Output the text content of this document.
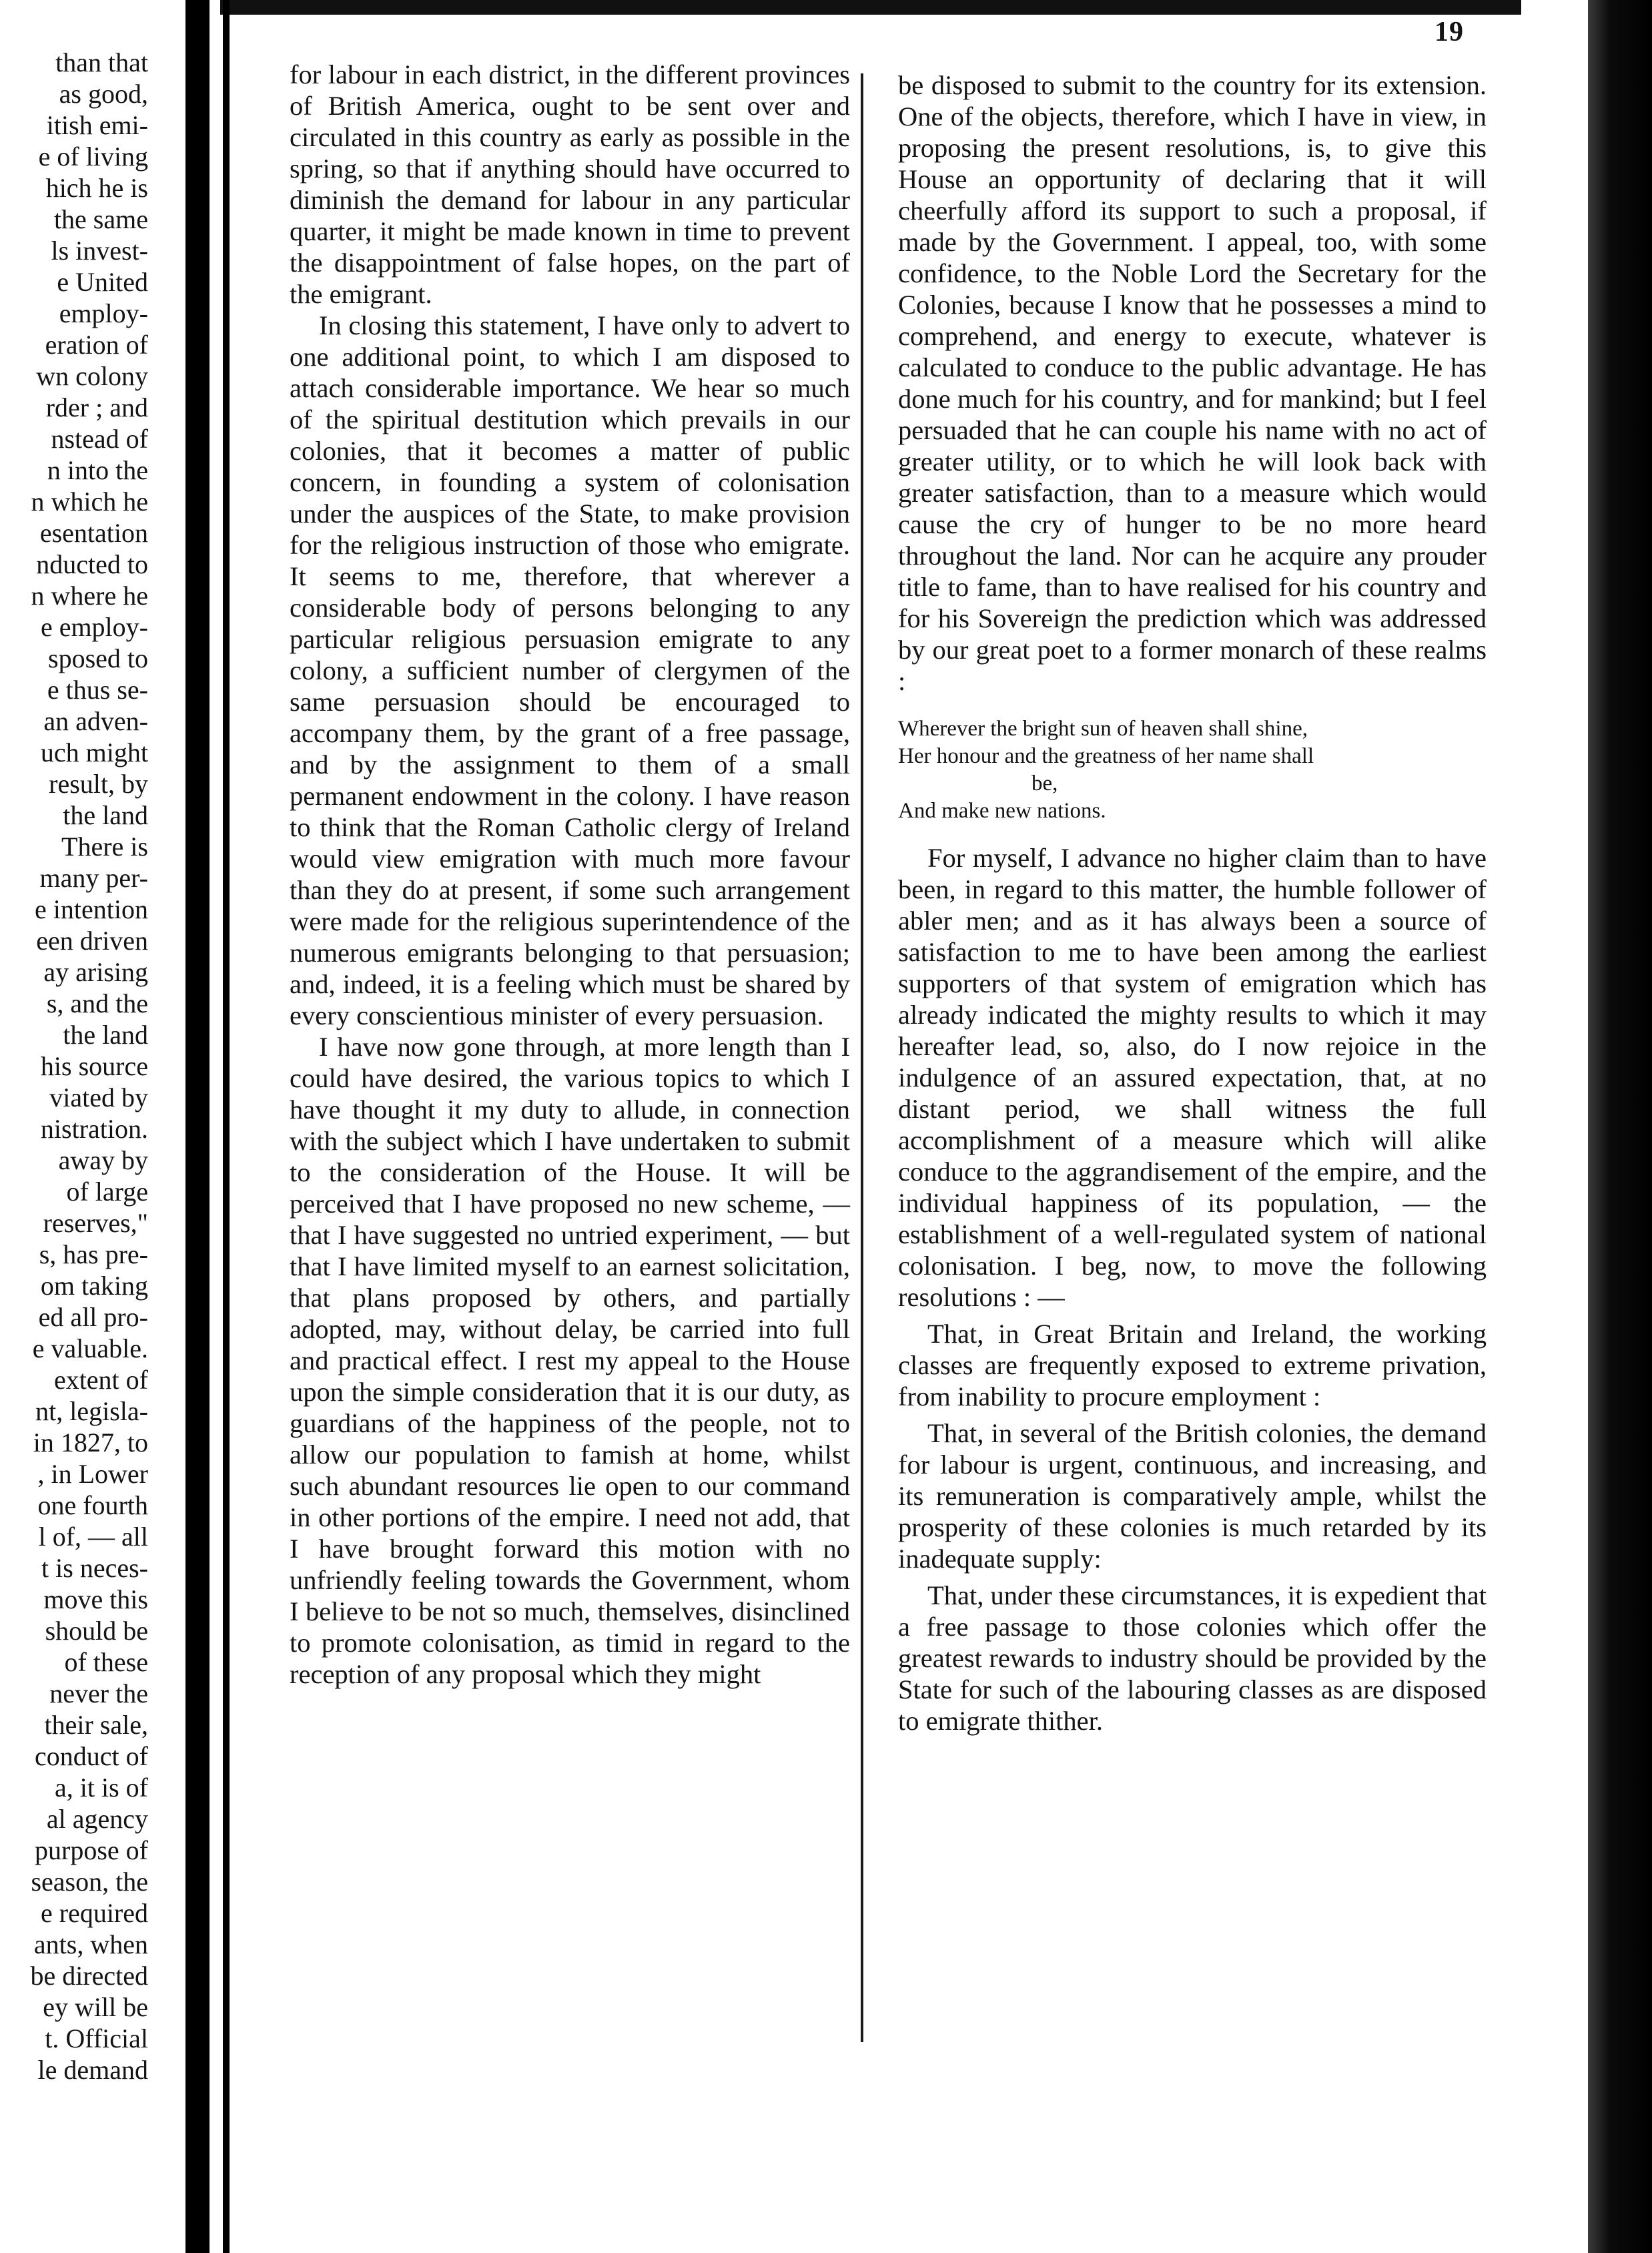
19
than that
as good,
itish emi-
e of living
hich he is
the same
ls invest-
e United
employ-
eration of
wn colony
rder ; and
nstead of
n into the
n which he
esentation
nducted to
n where he
e employ-
sposed to
e thus se-
an adven-
uch might
result, by
the land
There is
many per-
e intention
een driven
ay arising
s, and the
the land
his source
viated by
nistration.
away by
of large
reserves,"
s, has pre-
om taking
ed all pro-
e valuable.
extent of
nt, legisla-
in 1827, to
, in Lower
one fourth
l of, — all
t is neces-
move this
should be
of these
never the
their sale,
conduct of
a, it is of
al agency
purpose of
season, the
e required
ants, when
be directed
ey will be
t. Official
le demand

for labour in each district, in the different provinces of British America, ought to be sent over and circulated in this country as early as possible in the spring, so that if anything should have occurred to diminish the demand for labour in any particular quarter, it might be made known in time to prevent the disappointment of false hopes, on the part of the emigrant.

In closing this statement, I have only to advert to one additional point, to which I am disposed to attach considerable importance. We hear so much of the spiritual destitution which prevails in our colonies, that it becomes a matter of public concern, in founding a system of colonisation under the auspices of the State, to make provision for the religious instruction of those who emigrate. It seems to me, therefore, that wherever a considerable body of persons belonging to any particular religious persuasion emigrate to any colony, a sufficient number of clergymen of the same persuasion should be encouraged to accompany them, by the grant of a free passage, and by the assignment to them of a small permanent endowment in the colony. I have reason to think that the Roman Catholic clergy of Ireland would view emigration with much more favour than they do at present, if some such arrangement were made for the religious superintendence of the numerous emigrants belonging to that persuasion; and, indeed, it is a feeling which must be shared by every conscientious minister of every persuasion.

I have now gone through, at more length than I could have desired, the various topics to which I have thought it my duty to allude, in connection with the subject which I have undertaken to submit to the consideration of the House. It will be perceived that I have proposed no new scheme, — that I have suggested no untried experiment, — but that I have limited myself to an earnest solicitation, that plans proposed by others, and partially adopted, may, without delay, be carried into full and practical effect. I rest my appeal to the House upon the simple consideration that it is our duty, as guardians of the happiness of the people, not to allow our population to famish at home, whilst such abundant resources lie open to our command in other portions of the empire. I need not add, that I have brought forward this motion with no unfriendly feeling towards the Government, whom I believe to be not so much, themselves, disinclined to promote colonisation, as timid in regard to the reception of any proposal which they might

be disposed to submit to the country for its extension. One of the objects, therefore, which I have in view, in proposing the present resolutions, is, to give this House an opportunity of declaring that it will cheerfully afford its support to such a proposal, if made by the Government. I appeal, too, with some confidence, to the Noble Lord the Secretary for the Colonies, because I know that he possesses a mind to comprehend, and energy to execute, whatever is calculated to conduce to the public advantage. He has done much for his country, and for mankind; but I feel persuaded that he can couple his name with no act of greater utility, or to which he will look back with greater satisfaction, than to a measure which would cause the cry of hunger to be no more heard throughout the land. Nor can he acquire any prouder title to fame, than to have realised for his country and for his Sovereign the prediction which was addressed by our great poet to a former monarch of these realms :

Wherever the bright sun of heaven shall shine,
Her honour and the greatness of her name shall
be,
And make new nations.

For myself, I advance no higher claim than to have been, in regard to this matter, the humble follower of abler men; and as it has always been a source of satisfaction to me to have been among the earliest supporters of that system of emigration which has already indicated the mighty results to which it may hereafter lead, so, also, do I now rejoice in the indulgence of an assured expectation, that, at no distant period, we shall witness the full accomplishment of a measure which will alike conduce to the aggrandisement of the empire, and the individual happiness of its population, — the establishment of a well-regulated system of national colonisation. I beg, now, to move the following resolutions : —

That, in Great Britain and Ireland, the working classes are frequently exposed to extreme privation, from inability to procure employment :

That, in several of the British colonies, the demand for labour is urgent, continuous, and increasing, and its remuneration is comparatively ample, whilst the prosperity of these colonies is much retarded by its inadequate supply:

That, under these circumstances, it is expedient that a free passage to those colonies which offer the greatest rewards to industry should be provided by the State for such of the labouring classes as are disposed to emigrate thither.
